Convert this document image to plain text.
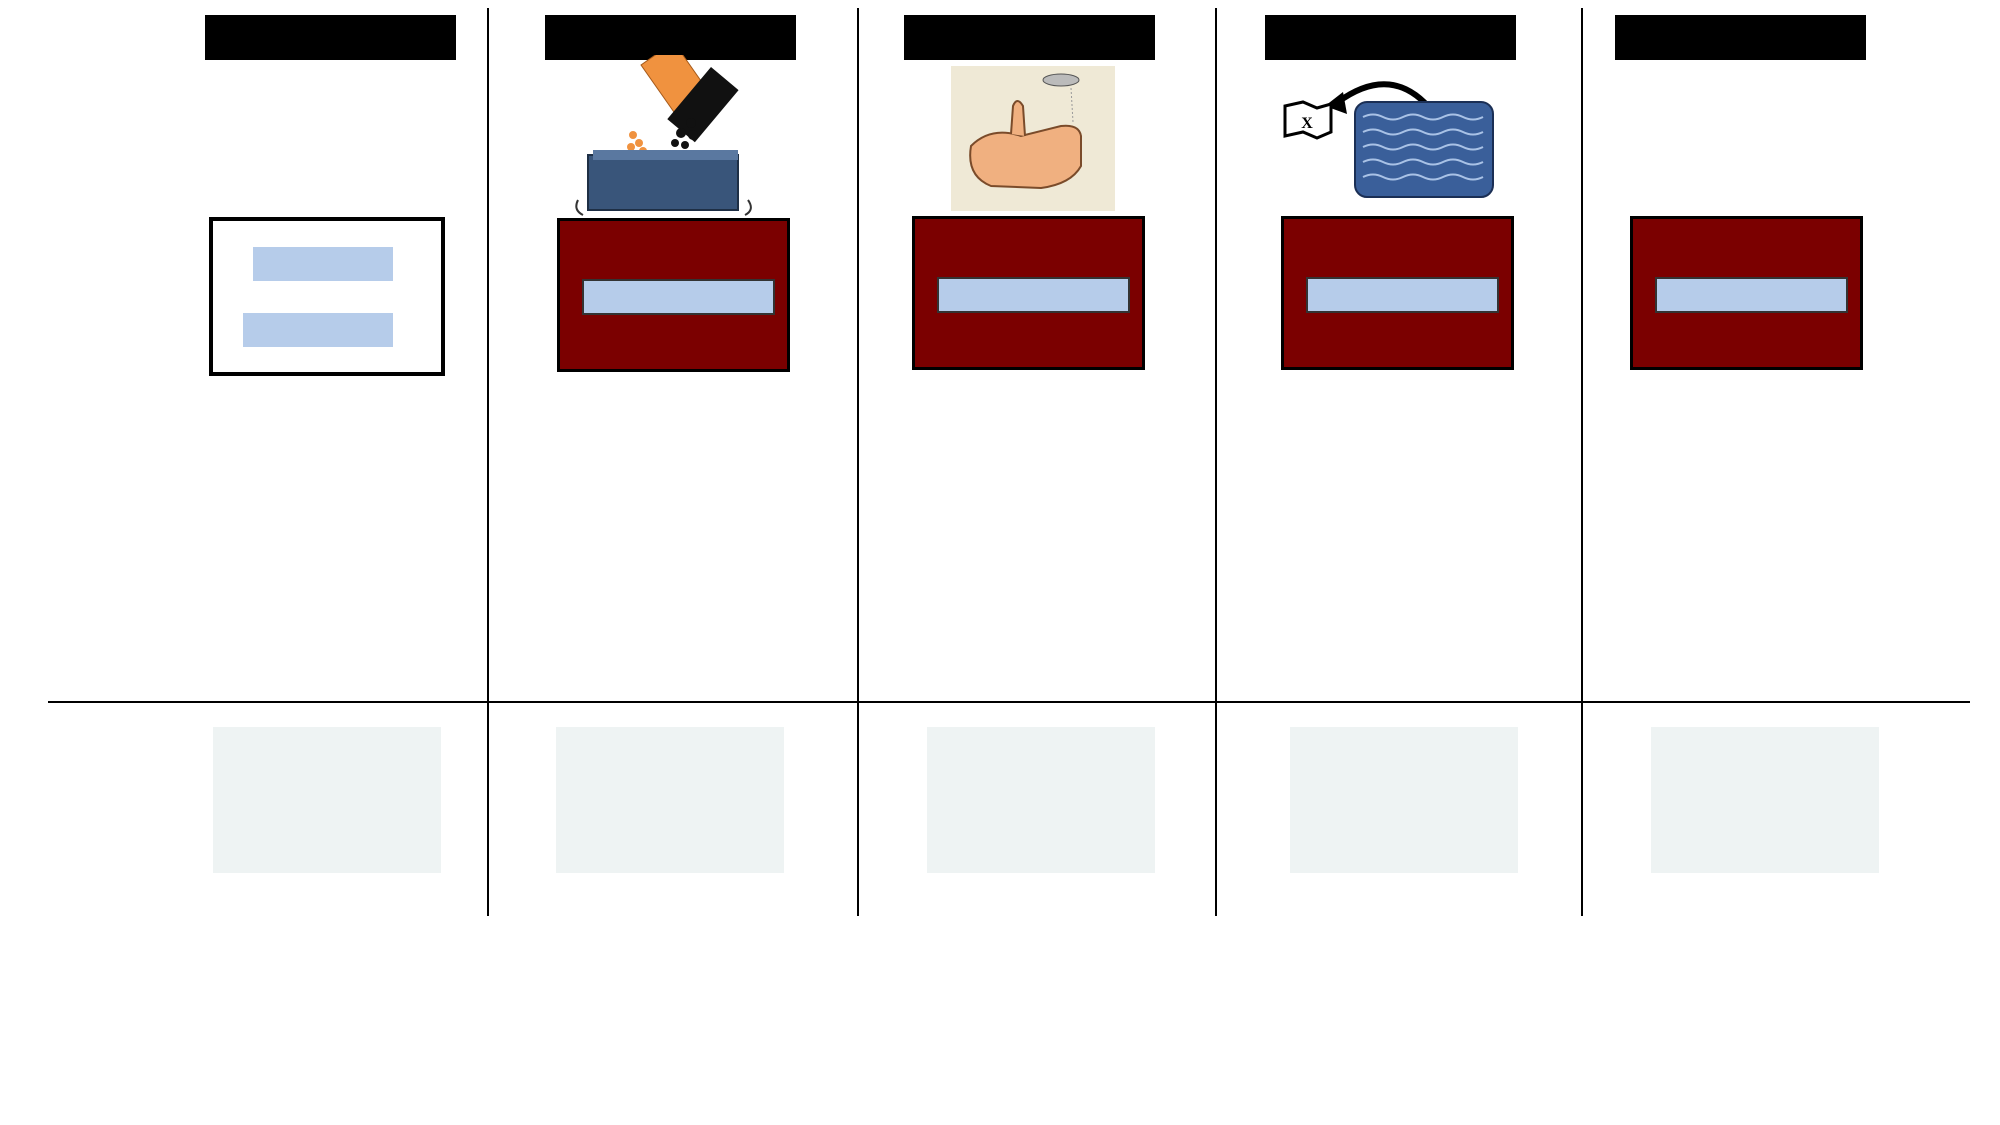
X
